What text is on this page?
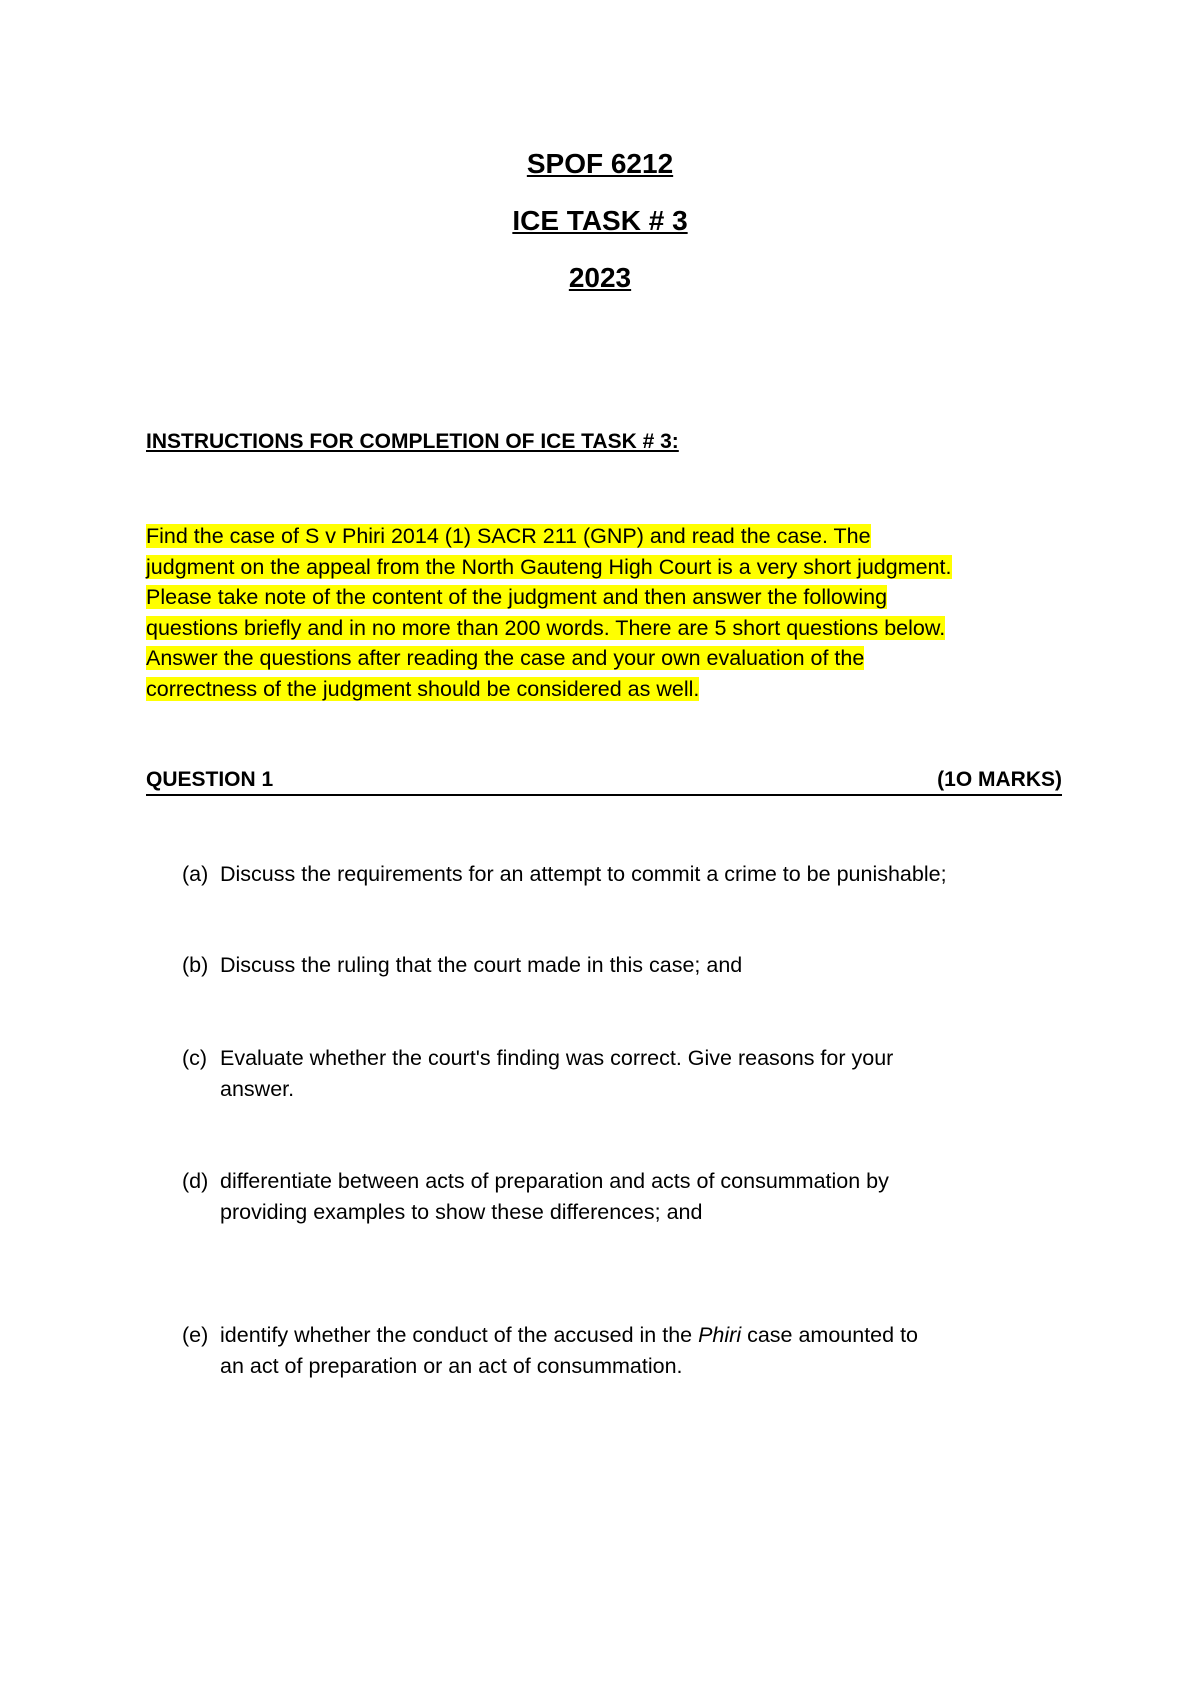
SPOF 6212
ICE TASK # 3
2023
INSTRUCTIONS FOR COMPLETION OF ICE TASK # 3:
Find the case of S v Phiri 2014 (1) SACR 211 (GNP) and read the case. The
judgment on the appeal from the North Gauteng High Court is a very short judgment.
Please take note of the content of the judgment and then answer the following
questions briefly and in no more than 200 words. There are 5 short questions below.
Answer the questions after reading the case and your own evaluation of the
correctness of the judgment should be considered as well.
QUESTION 1	(1O MARKS)
(a) Discuss the requirements for an attempt to commit a crime to be punishable;
(b) Discuss the ruling that the court made in this case; and
(c) Evaluate whether the court's finding was correct. Give reasons for your
answer.
(d) differentiate between acts of preparation and acts of consummation by
providing examples to show these differences; and
(e) identify whether the conduct of the accused in the Phiri case amounted to
an act of preparation or an act of consummation.
